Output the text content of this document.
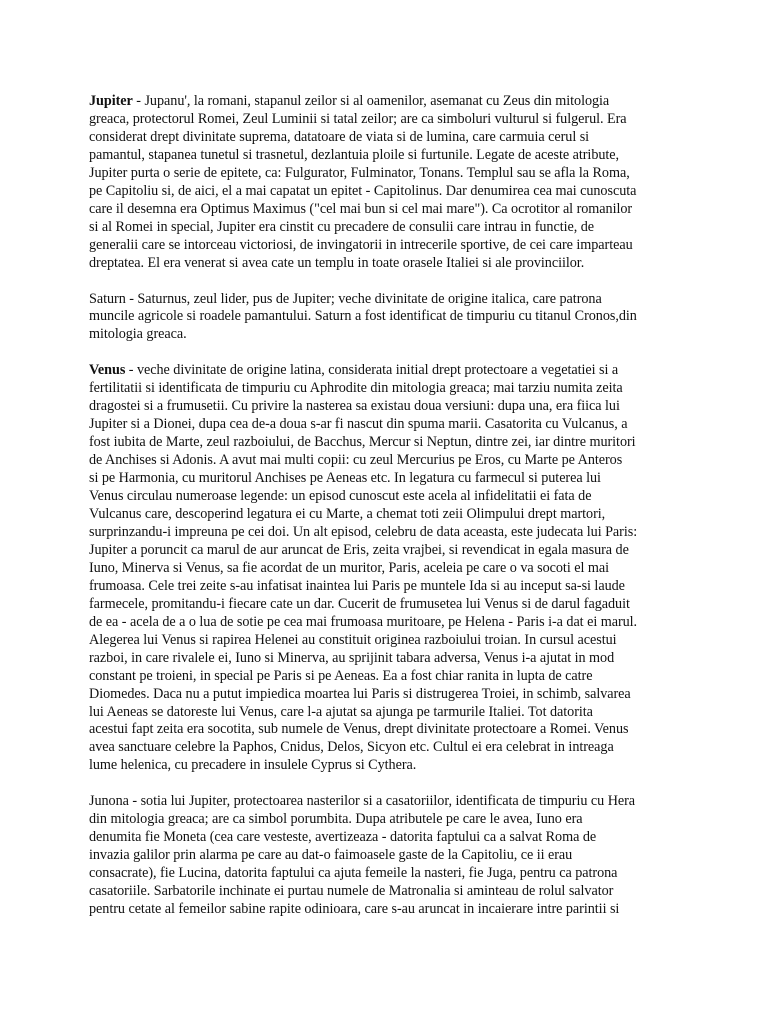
Jupiter - Jupanu', la romani, stapanul zeilor si al oamenilor, asemanat cu Zeus din mitologia
greaca, protectorul Romei, Zeul Luminii si tatal zeilor; are ca simboluri vulturul si fulgerul. Era
considerat drept divinitate suprema, datatoare de viata si de lumina, care carmuia cerul si
pamantul, stapanea tunetul si trasnetul, dezlantuia ploile si furtunile. Legate de aceste atribute,
Jupiter purta o serie de epitete, ca: Fulgurator, Fulminator, Tonans. Templul sau se afla la Roma,
pe Capitoliu si, de aici, el a mai capatat un epitet - Capitolinus. Dar denumirea cea mai cunoscuta
care il desemna era Optimus Maximus ("cel mai bun si cel mai mare"). Ca ocrotitor al romanilor
si al Romei in special, Jupiter era cinstit cu precadere de consulii care intrau in functie, de
generalii care se intorceau victoriosi, de invingatorii in intrecerile sportive, de cei care imparteau
dreptatea. El era venerat si avea cate un templu in toate orasele Italiei si ale provinciilor.

Saturn - Saturnus, zeul lider, pus de Jupiter; veche divinitate de origine italica, care patrona
muncile agricole si roadele pamantului. Saturn a fost identificat de timpuriu cu titanul Cronos,din
mitologia greaca.

Venus - veche divinitate de origine latina, considerata initial drept protectoare a vegetatiei si a
fertilitatii si identificata de timpuriu cu Aphrodite din mitologia greaca; mai tarziu numita zeita
dragostei si a frumusetii. Cu privire la nasterea sa existau doua versiuni: dupa una, era fiica lui
Jupiter si a Dionei, dupa cea de-a doua s-ar fi nascut din spuma marii. Casatorita cu Vulcanus, a
fost iubita de Marte, zeul razboiului, de Bacchus, Mercur si Neptun, dintre zei, iar dintre muritori
de Anchises si Adonis. A avut mai multi copii: cu zeul Mercurius pe Eros, cu Marte pe Anteros
si pe Harmonia, cu muritorul Anchises pe Aeneas etc. In legatura cu farmecul si puterea lui
Venus circulau numeroase legende: un episod cunoscut este acela al infidelitatii ei fata de
Vulcanus care, descoperind legatura ei cu Marte, a chemat toti zeii Olimpului drept martori,
surprinzandu-i impreuna pe cei doi. Un alt episod, celebru de data aceasta, este judecata lui Paris:
Jupiter a poruncit ca marul de aur aruncat de Eris, zeita vrajbei, si revendicat in egala masura de
Iuno, Minerva si Venus, sa fie acordat de un muritor, Paris, aceleia pe care o va socoti el mai
frumoasa. Cele trei zeite s-au infatisat inaintea lui Paris pe muntele Ida si au inceput sa-si laude
farmecele, promitandu-i fiecare cate un dar. Cucerit de frumusetea lui Venus si de darul fagaduit
de ea - acela de a o lua de sotie pe cea mai frumoasa muritoare, pe Helena - Paris i-a dat ei marul.
Alegerea lui Venus si rapirea Helenei au constituit originea razboiului troian. In cursul acestui
razboi, in care rivalele ei, Iuno si Minerva, au sprijinit tabara adversa, Venus i-a ajutat in mod
constant pe troieni, in special pe Paris si pe Aeneas. Ea a fost chiar ranita in lupta de catre
Diomedes. Daca nu a putut impiedica moartea lui Paris si distrugerea Troiei, in schimb, salvarea
lui Aeneas se datoreste lui Venus, care l-a ajutat sa ajunga pe tarmurile Italiei. Tot datorita
acestui fapt zeita era socotita, sub numele de Venus, drept divinitate protectoare a Romei. Venus
avea sanctuare celebre la Paphos, Cnidus, Delos, Sicyon etc. Cultul ei era celebrat in intreaga
lume helenica, cu precadere in insulele Cyprus si Cythera.

Junona - sotia lui Jupiter, protectoarea nasterilor si a casatoriilor, identificata de timpuriu cu Hera
din mitologia greaca; are ca simbol porumbita. Dupa atributele pe care le avea, Iuno era
denumita fie Moneta (cea care vesteste, avertizeaza - datorita faptului ca a salvat Roma de
invazia galilor prin alarma pe care au dat-o faimoasele gaste de la Capitoliu, ce ii erau
consacrate), fie Lucina, datorita faptului ca ajuta femeile la nasteri, fie Juga, pentru ca patrona
casatoriile. Sarbatorile inchinate ei purtau numele de Matronalia si aminteau de rolul salvator
pentru cetate al femeilor sabine rapite odinioara, care s-au aruncat in incaierare intre parintii si
